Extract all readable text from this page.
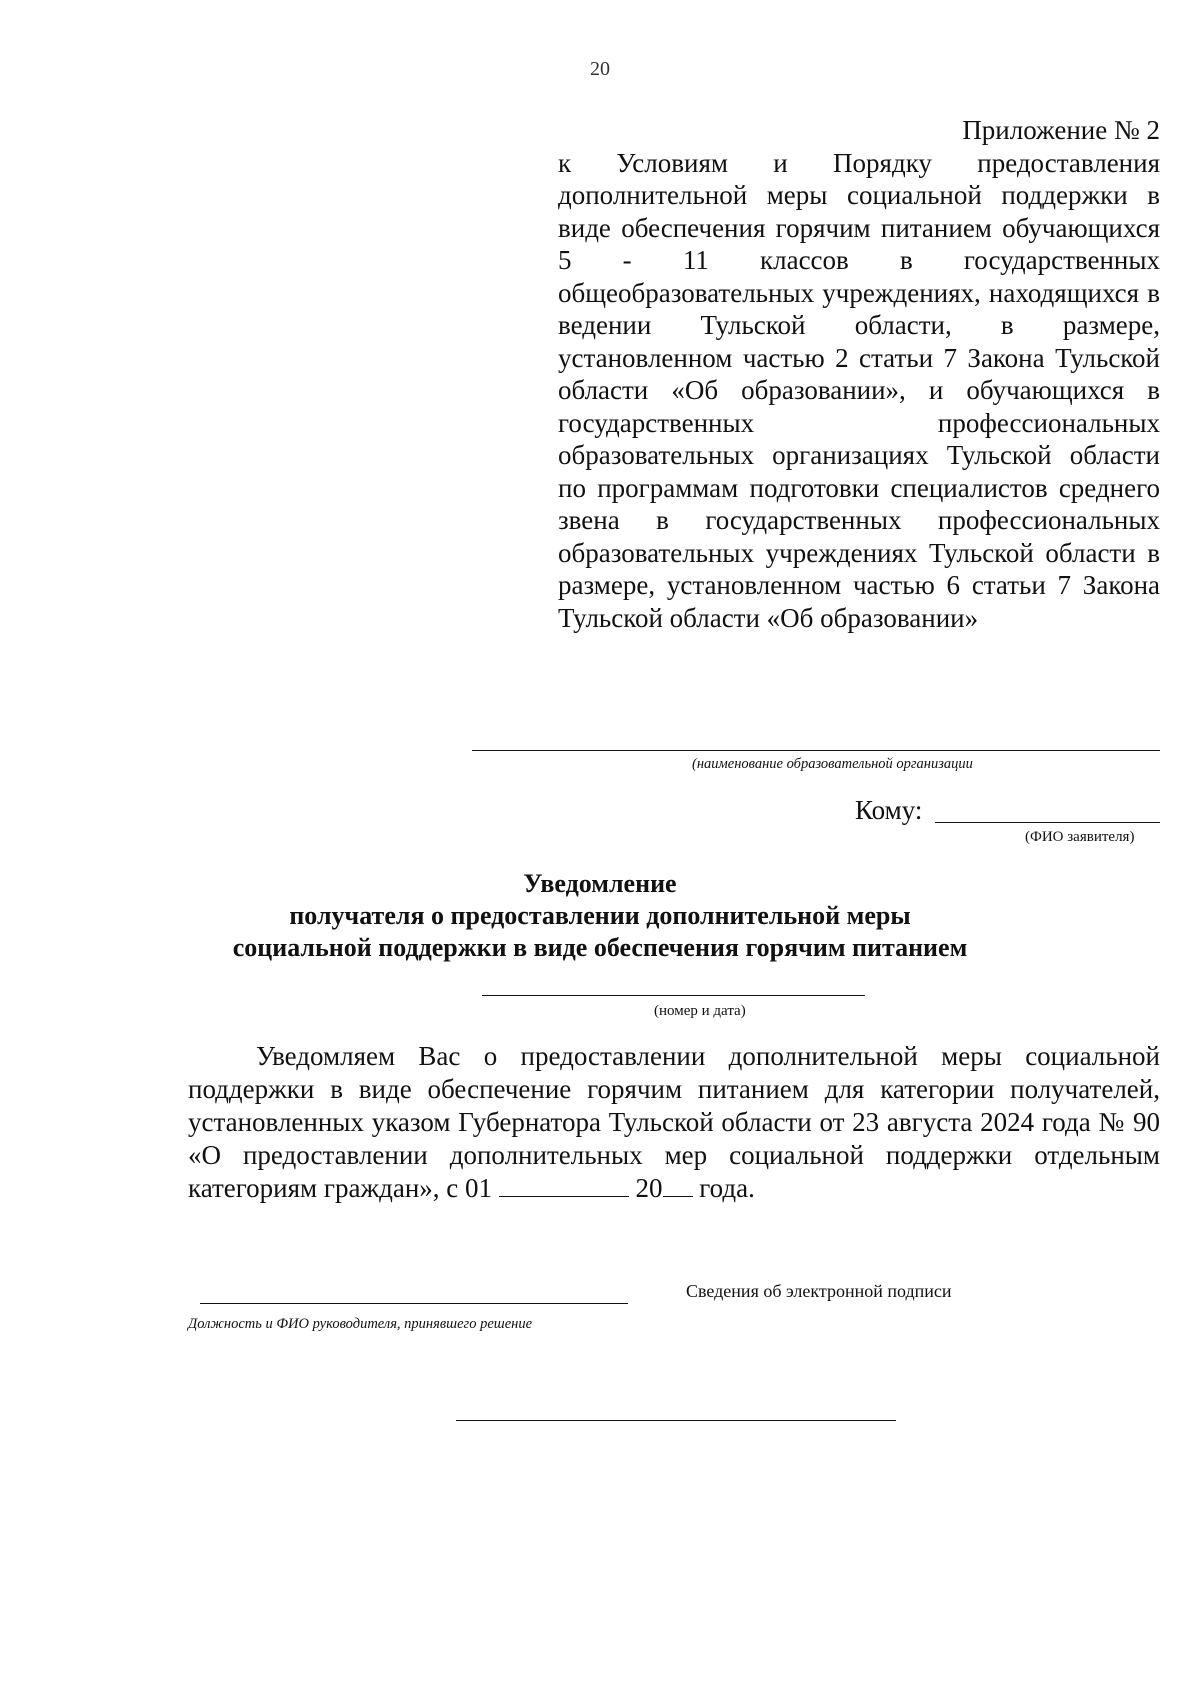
20
Приложение № 2
к Условиям и Порядку предоставления дополнительной меры социальной поддержки в виде обеспечения горячим питанием обучающихся 5 - 11 классов в государственных общеобразовательных учреждениях, находящихся в ведении Тульской области, в размере, установленном частью 2 статьи 7 Закона Тульской области «Об образовании», и обучающихся в государственных профессиональных образовательных организациях Тульской области по программам подготовки специалистов среднего звена в государственных профессиональных образовательных учреждениях Тульской области в размере, установленном частью 6 статьи 7 Закона Тульской области «Об образовании»
(наименование образовательной организации
Кому:
(ФИО заявителя)
Уведомление
получателя о предоставлении дополнительной меры
социальной поддержки в виде обеспечения горячим питанием
(номер и дата)
Уведомляем Вас о предоставлении дополнительной меры социальной поддержки в виде обеспечение горячим питанием для категории получателей, установленных указом Губернатора Тульской области от 23 августа 2024 года № 90 «О предоставлении дополнительных мер социальной поддержки отдельным категориям граждан», с 01	20 года.
Должность и ФИО руководителя, принявшего решение
Сведения об электронной подписи
